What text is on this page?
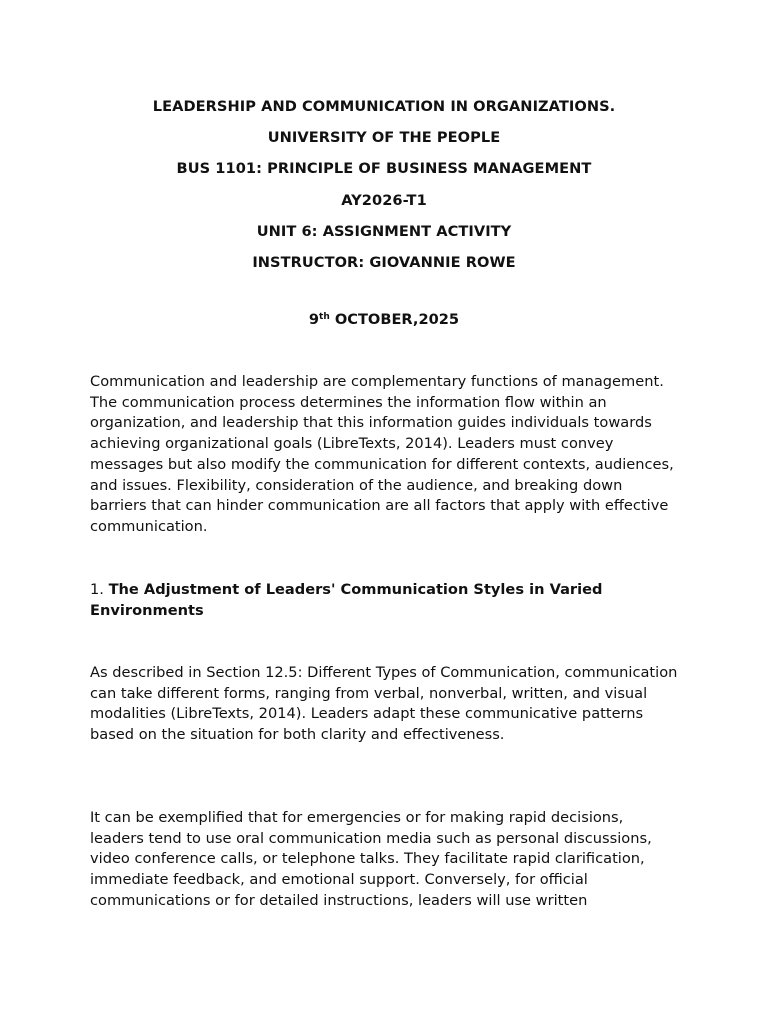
LEADERSHIP AND COMMUNICATION IN ORGANIZATIONS.
UNIVERSITY OF THE PEOPLE
BUS 1101: PRINCIPLE OF BUSINESS MANAGEMENT
AY2026-T1
UNIT 6: ASSIGNMENT ACTIVITY
INSTRUCTOR: GIOVANNIE ROWE
9th OCTOBER,2025

Communication and leadership are complementary functions of management. The communication process determines the information flow within an organization, and leadership that this information guides individuals towards achieving organizational goals (LibreTexts, 2014). Leaders must convey messages but also modify the communication for different contexts, audiences, and issues. Flexibility, consideration of the audience, and breaking down barriers that can hinder communication are all factors that apply with effective communication.

1. The Adjustment of Leaders' Communication Styles in Varied Environments

As described in Section 12.5: Different Types of Communication, communication can take different forms, ranging from verbal, nonverbal, written, and visual modalities (LibreTexts, 2014). Leaders adapt these communicative patterns based on the situation for both clarity and effectiveness.

It can be exemplified that for emergencies or for making rapid decisions, leaders tend to use oral communication media such as personal discussions, video conference calls, or telephone talks. They facilitate rapid clarification, immediate feedback, and emotional support. Conversely, for official communications or for detailed instructions, leaders will use written
